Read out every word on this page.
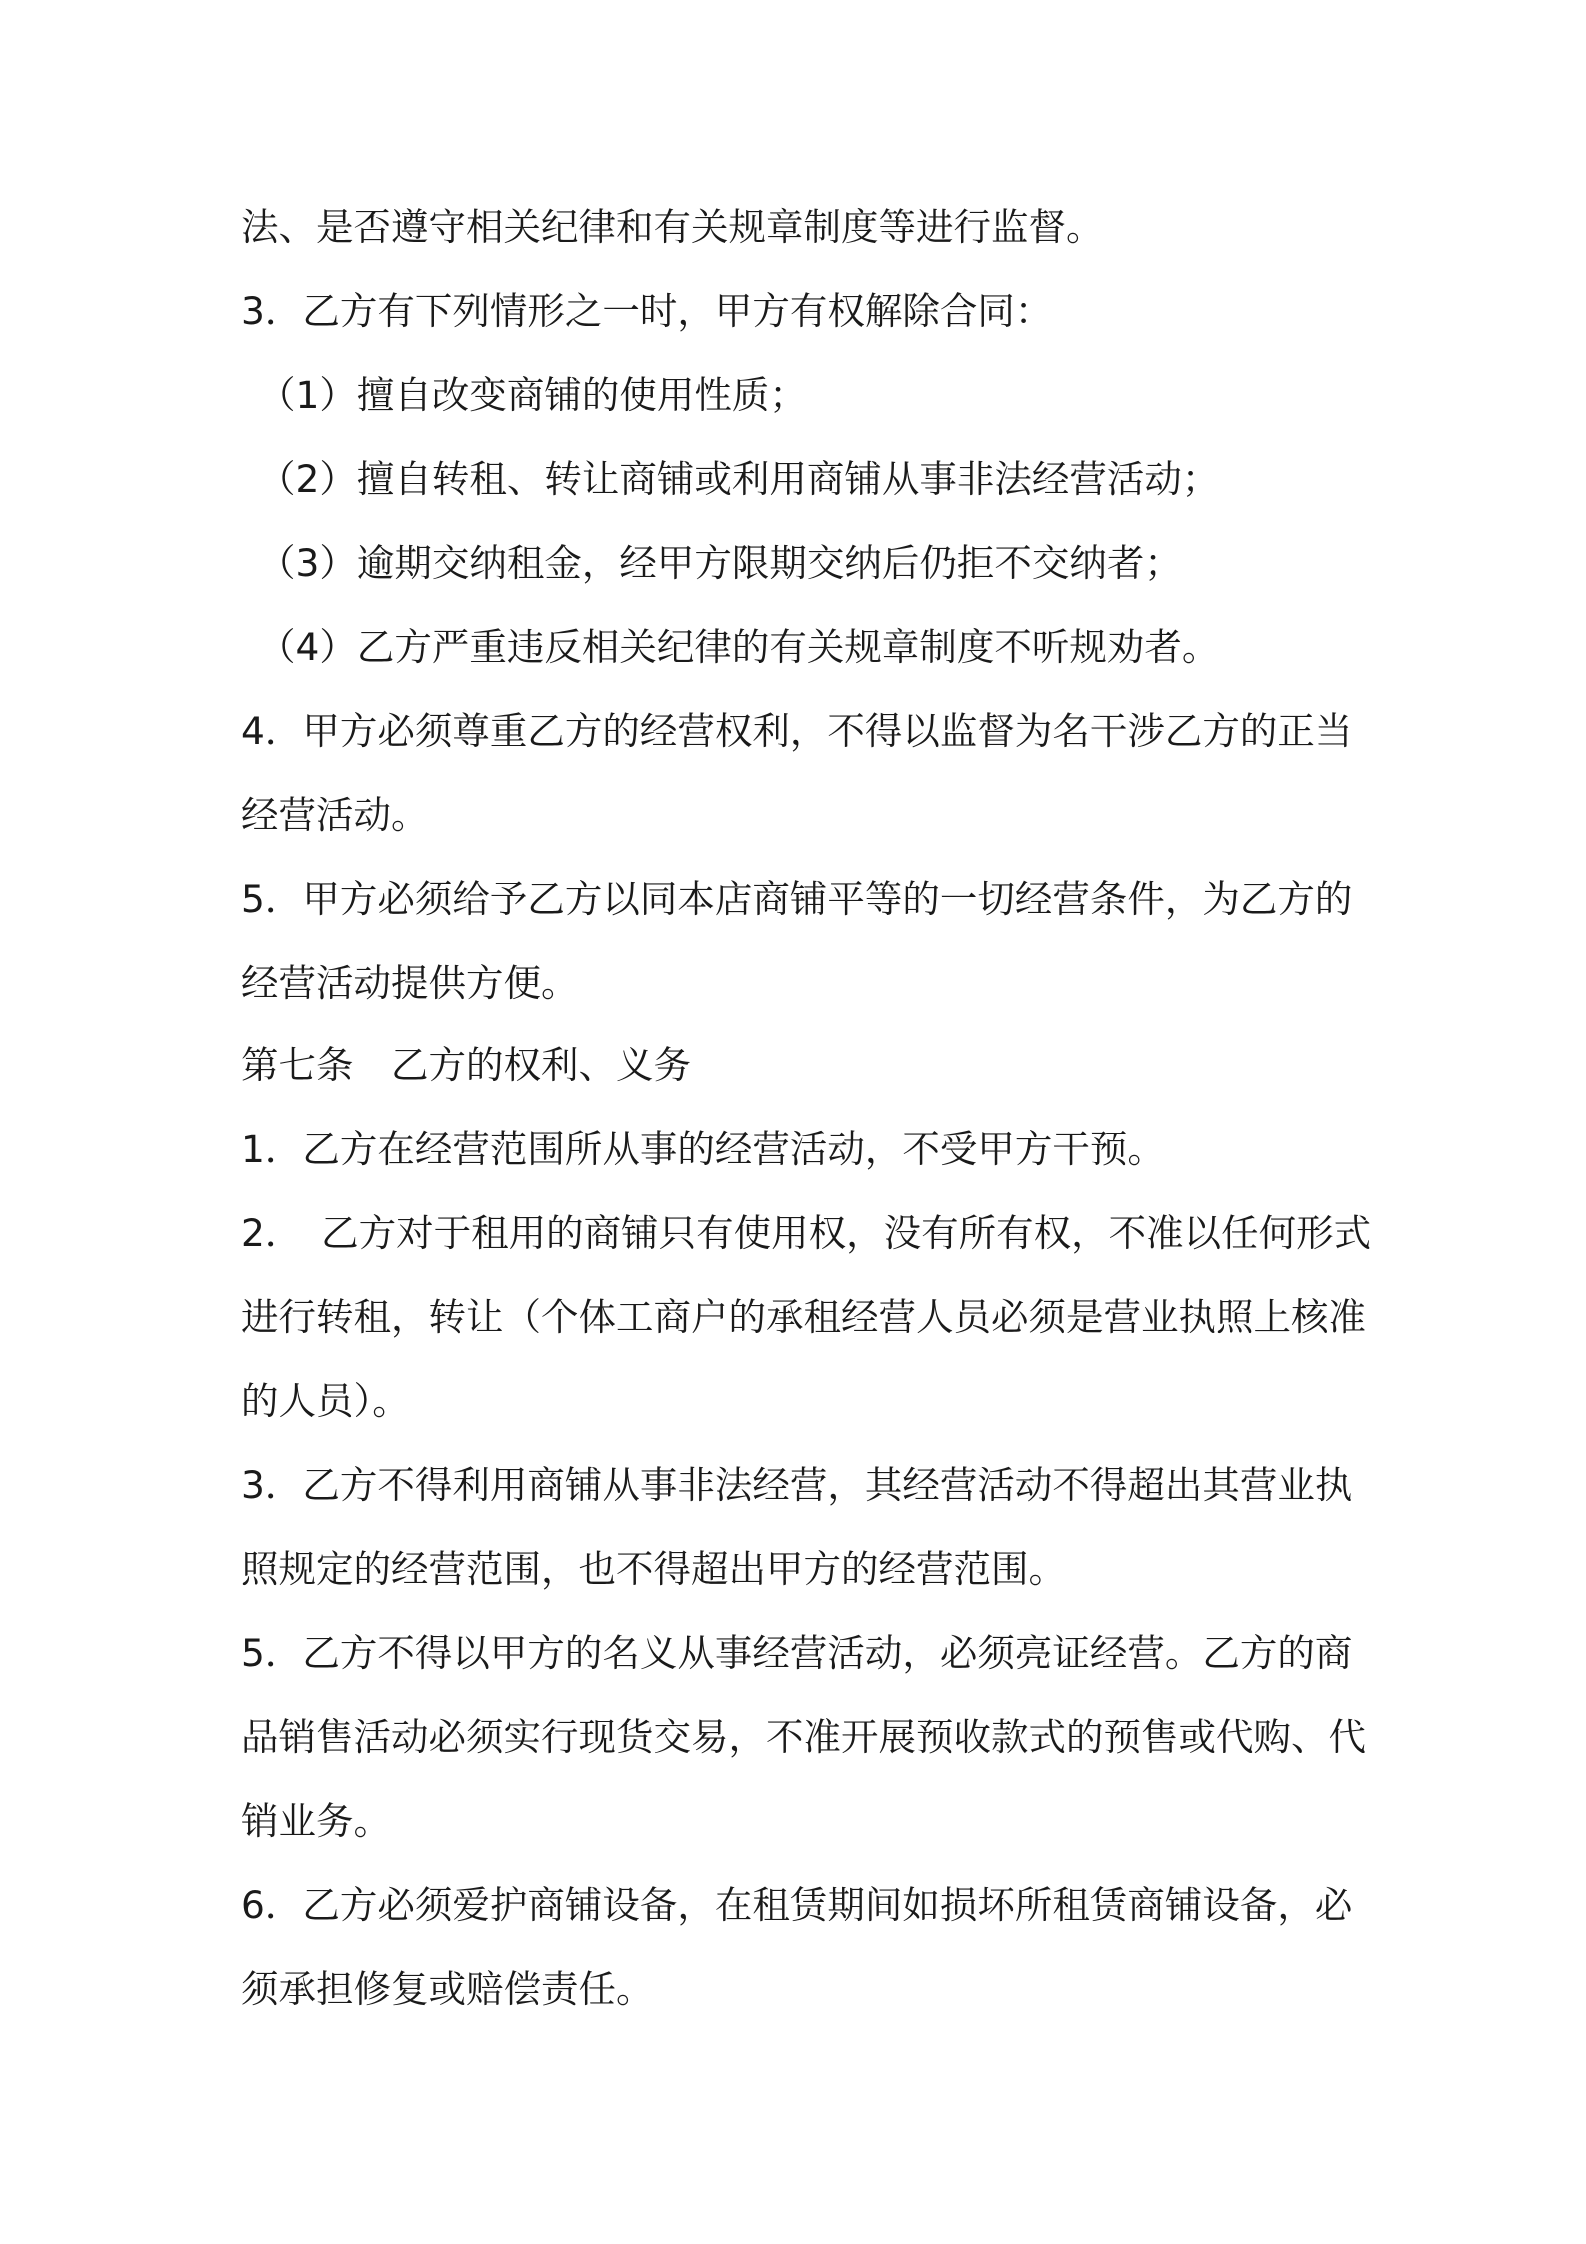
法、是否遵守相关纪律和有关规章制度等进行监督。
3．乙方有下列情形之一时，甲方有权解除合同：
（1）擅自改变商铺的使用性质；
（2）擅自转租、转让商铺或利用商铺从事非法经营活动；
（3）逾期交纳租金，经甲方限期交纳后仍拒不交纳者；
（4）乙方严重违反相关纪律的有关规章制度不听规劝者。
4．甲方必须尊重乙方的经营权利，不得以监督为名干涉乙方的正当
经营活动。
5．甲方必须给予乙方以同本店商铺平等的一切经营条件，为乙方的
经营活动提供方便。
第七条　乙方的权利、义务
1．乙方在经营范围所从事的经营活动，不受甲方干预。
2．　乙方对于租用的商铺只有使用权，没有所有权，不准以任何形式
进行转租，转让（个体工商户的承租经营人员必须是营业执照上核准
的人员）。
3．乙方不得利用商铺从事非法经营，其经营活动不得超出其营业执
照规定的经营范围，也不得超出甲方的经营范围。
5．乙方不得以甲方的名义从事经营活动，必须亮证经营。乙方的商
品销售活动必须实行现货交易，不准开展预收款式的预售或代购、代
销业务。
6．乙方必须爱护商铺设备，在租赁期间如损坏所租赁商铺设备，必
须承担修复或赔偿责任。
